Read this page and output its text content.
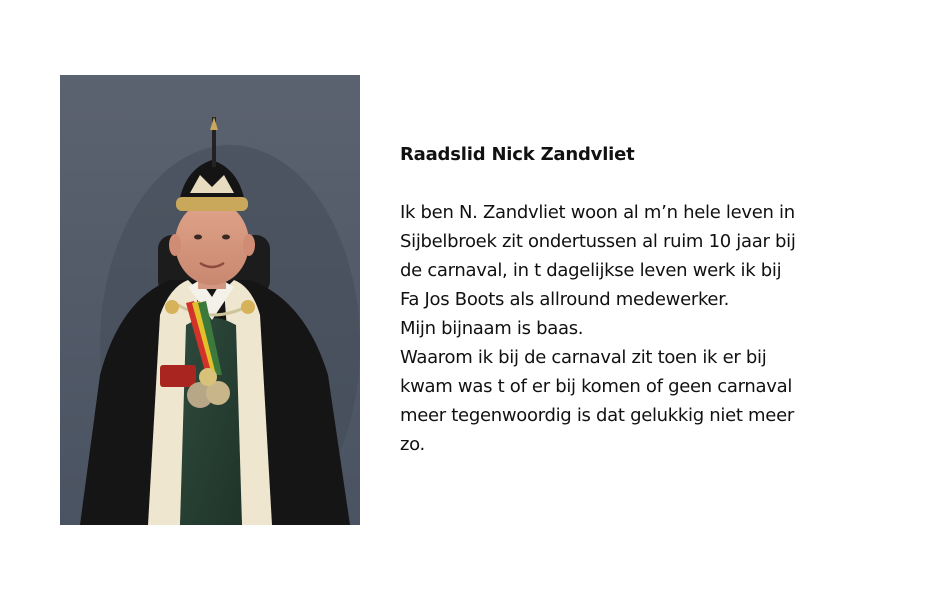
Raadslid Nick Zandvliet
Ik ben N. Zandvliet woon al m’n hele leven in
Sijbelbroek zit ondertussen al ruim 10 jaar bij
de carnaval, in t dagelijkse leven werk ik bij
Fa Jos Boots als allround medewerker.
Mijn bijnaam is baas.
Waarom ik bij de carnaval zit toen ik er bij
kwam was t of er bij komen of geen carnaval
meer tegenwoordig is dat gelukkig niet meer
zo.
